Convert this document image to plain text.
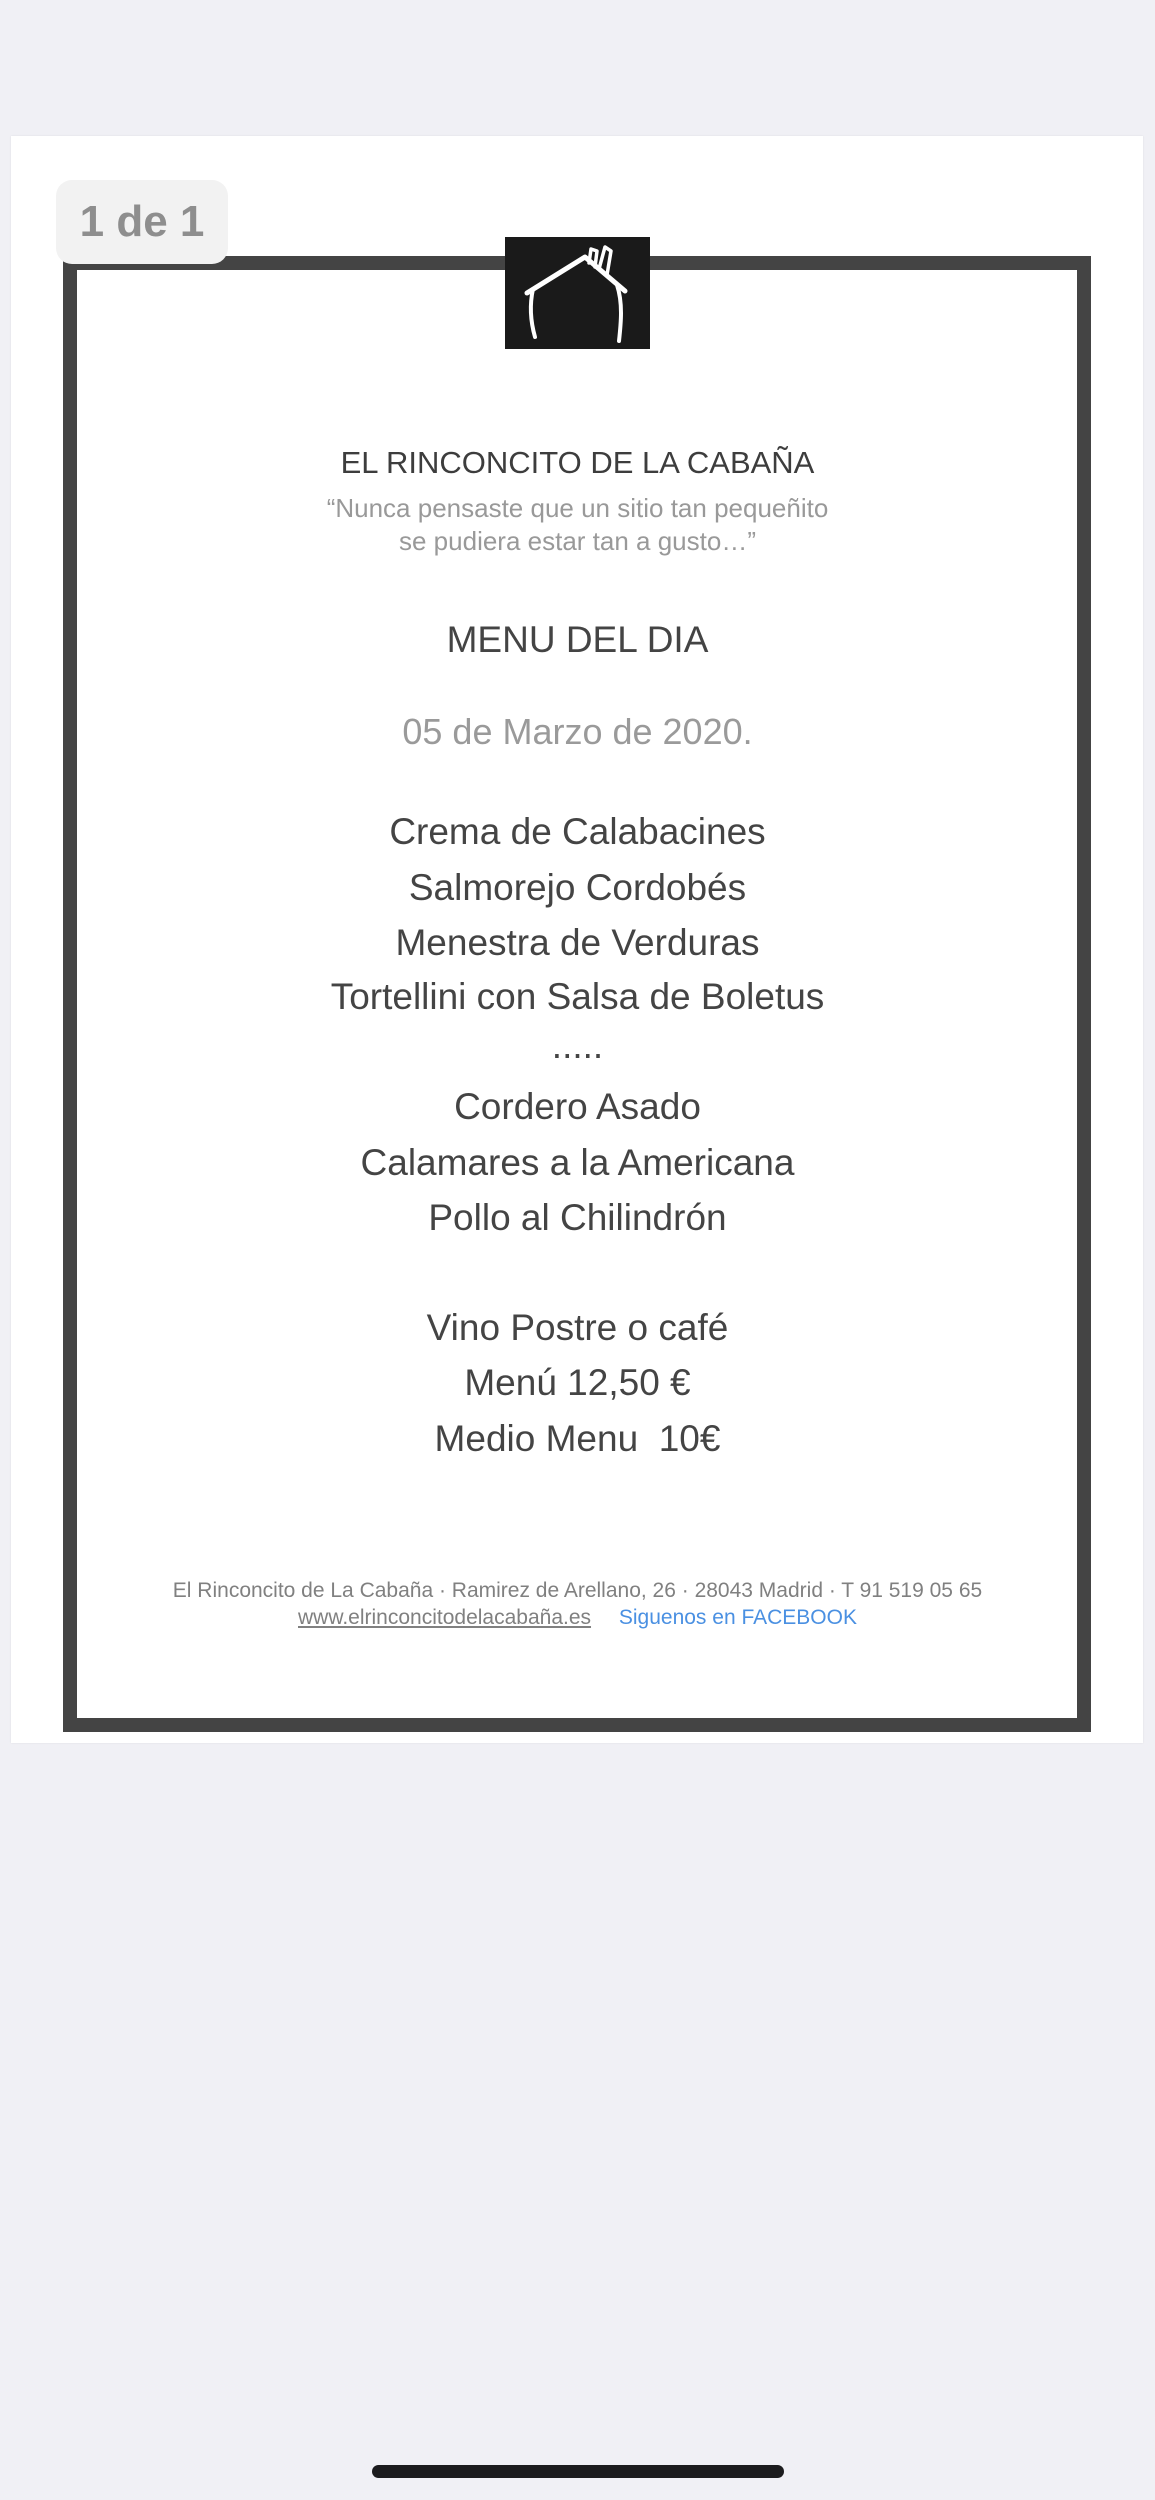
1 de 1
EL RINCONCITO DE LA CABAÑA
“Nunca pensaste que un sitio tan pequeñito
se pudiera estar tan a gusto…”
MENU DEL DIA
05 de Marzo de 2020.
Crema de Calabacines
Salmorejo Cordobés
Menestra de Verduras
Tortellini con Salsa de Boletus
.....
Cordero Asado
Calamares a la Americana
Pollo al Chilindrón
Vino Postre o café
Menú 12,50 €
Medio Menu  10€
El Rinconcito de La Cabaña · Ramirez de Arellano, 26 · 28043 Madrid · T 91 519 05 65
www.elrinconcitodelacabaña.es Siguenos en FACEBOOK
